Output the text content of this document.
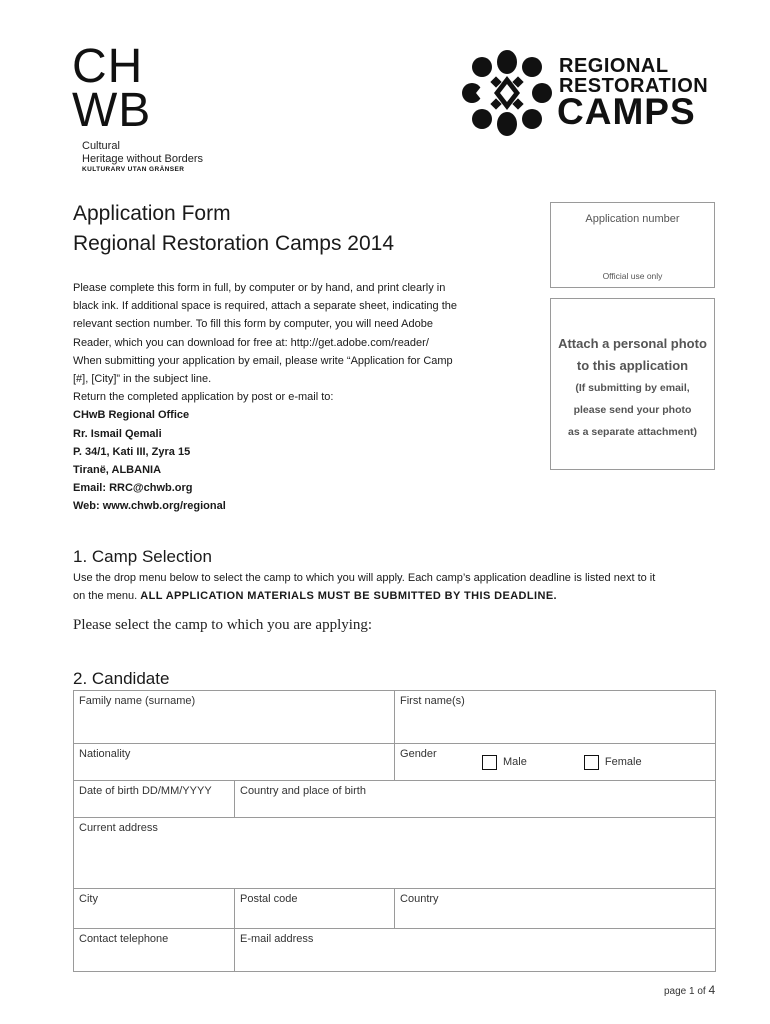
CH
WB
Cultural
Heritage without Borders
KULTURARV UTAN GRÄNSER
REGIONAL
RESTORATION
CAMPS
Application Form
Regional Restoration Camps 2014
Application number
Official use only
Attach a personal photo
to this application
(If submitting by email,
please send your photo
as a separate attachment)
Please complete this form in full, by computer or by hand, and print clearly in
black ink. If additional space is required, attach a separate sheet, indicating the
relevant section number. To fill this form by computer, you will need Adobe
Reader, which you can download for free at: http://get.adobe.com/reader/
When submitting your application by email, please write “Application for Camp
[#], [City]” in the subject line.
Return the completed application by post or e-mail to:
CHwB Regional Office
Rr. Ismail Qemali
P. 34/1, Kati III, Zyra 15
Tiranë, ALBANIA
Email: RRC@chwb.org
Web: www.chwb.org/regional
1. Camp Selection
Use the drop menu below to select the camp to which you will apply. Each camp’s application deadline is listed next to it
on the menu. ALL APPLICATION MATERIALS MUST BE SUBMITTED BY THIS DEADLINE.
Please select the camp to which you are applying:
2. Candidate
Family name (surname)		First name(s)
Nationality		Gender
Male Female

Date of birth DD/MM/YYYY	Country and place of birth	
Current address		
City	Postal code	Country
Contact telephone	E-mail address	
page 1 of 4
